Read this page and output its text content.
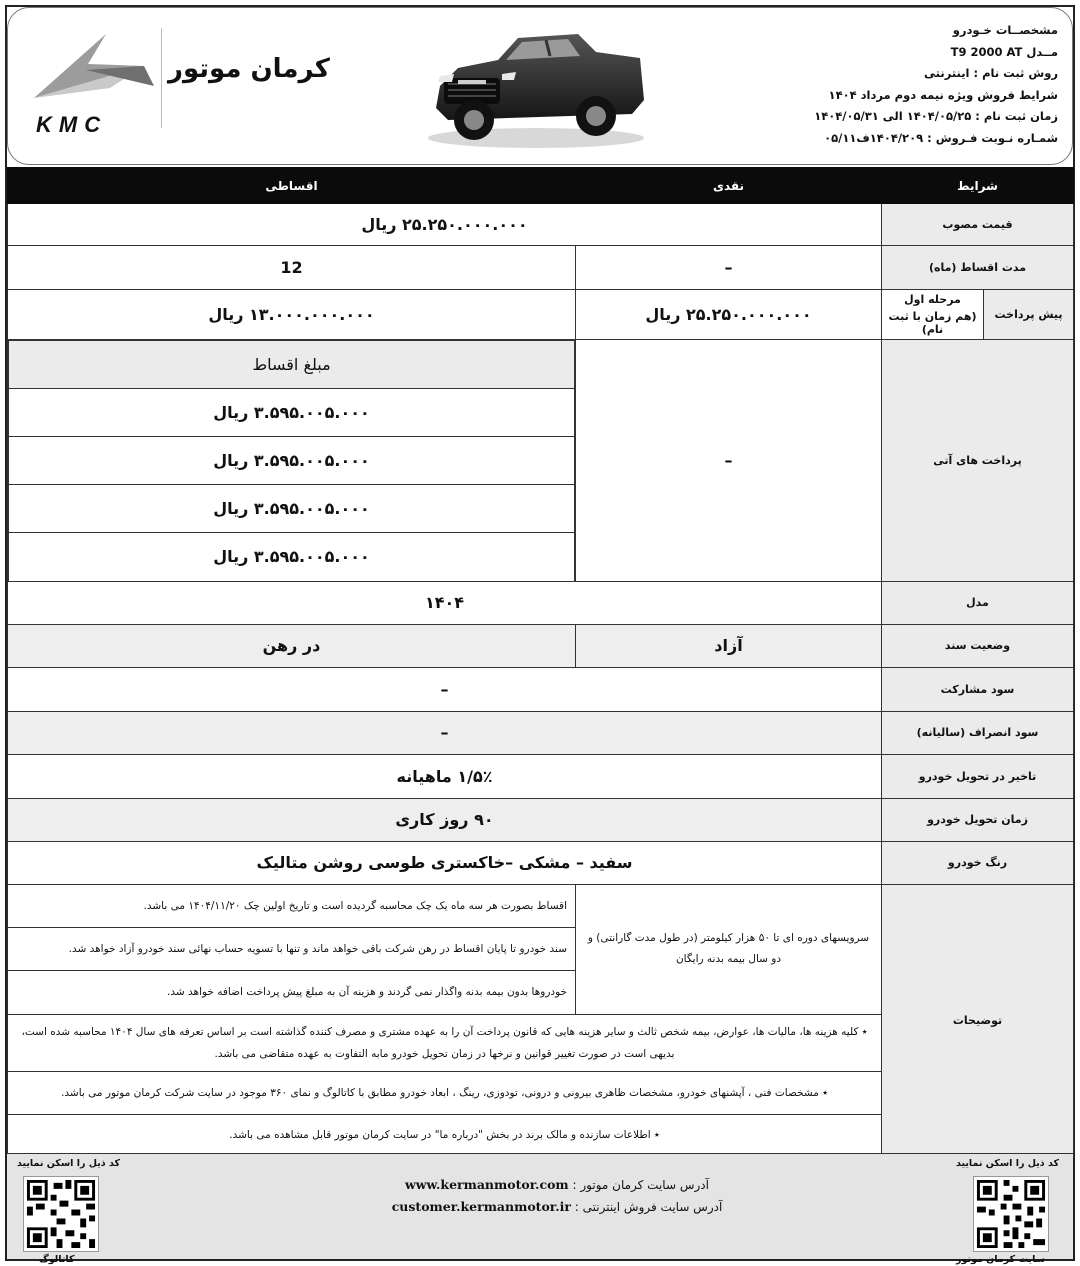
مشخصــات خـودرو
مــدل T9 2000 AT
روش ثبت نام : اینترنتی
شرایط فروش ویژه نیمه دوم مرداد ۱۴۰۴
زمان ثبت نام : ۱۴۰۴/۰۵/۲۵ الی ۱۴۰۴/۰۵/۳۱
شمـاره نـوبت فـروش : ۱۴۰۴/۲۰۹ف۰۵/۱۱
کرمان موتور
KMC
شرایط	نقدی	اقساطی
قیمت مصوب	۲۵.۲۵۰.۰۰۰.۰۰۰ ریال
مدت اقساط (ماه)	–	12
پیش پرداخت	
مرحله اول
(هم زمان با ثبت نام)
	۲۵.۲۵۰.۰۰۰.۰۰۰ ریال	۱۳.۰۰۰.۰۰۰.۰۰۰ ریال
پرداخت های آتی	–	
مبلغ اقساط
۳.۵۹۵.۰۰۵.۰۰۰ ریال
۳.۵۹۵.۰۰۵.۰۰۰ ریال
۳.۵۹۵.۰۰۵.۰۰۰ ریال
۳.۵۹۵.۰۰۵.۰۰۰ ریال

مدل	۱۴۰۴
وضعیت سند	آزاد	در رهن
سود مشارکت	–
سود انصراف (سالیانه)	–
تاخیر در تحویل خودرو	۱/۵٪ ماهیانه
زمان تحویل خودرو	۹۰ روز کاری
رنگ خودرو	سفید – مشکی –خاکستری طوسی روشن متالیک
توضیحات	سرویسهای دوره ای تا ۵۰ هزار کیلومتر (در طول مدت گارانتی) و دو سال بیمه بدنه رایگان	
اقساط بصورت هر سه ماه یک چک محاسبه گردیده است و تاریخ اولین چک ۱۴۰۴/۱۱/۲۰ می باشد.
سند خودرو تا پایان اقساط در رهن شرکت باقی خواهد ماند و تنها با تسویه حساب نهائی سند خودرو آزاد خواهد شد.
خودروها بدون بیمه بدنه واگذار نمی گردند و هزینه آن به مبلغ پیش پرداخت اضافه خواهد شد.

٭ کلیه هزینه ها، مالیات ها، عوارض، بیمه شخص ثالث و سایر هزینه هایی که قانون پرداخت آن را به عهده مشتری و مصرف کننده گذاشته است بر اساس تعرفه های سال ۱۴۰۴ محاسبه شده است، بدیهی است در صورت تغییر قوانین و نرخها در زمان تحویل خودرو مابه التفاوت به عهده متقاضی می باشد.
٭ مشخصات فنی ، آپشنهای خودرو، مشخصات ظاهری بیرونی و درونی، تودوزی، رینگ ، ابعاد خودرو مطابق با کاتالوگ و نمای ۳۶۰ موجود در سایت شرکت کرمان موتور می باشد.
٭ اطلاعات سازنده و مالک برند در بخش "درباره ما" در سایت کرمان موتور قابل مشاهده می باشد.
کد ذیل را اسکن نمایید
سایت کرمان موتور
آدرس سایت کرمان موتور : www.kermanmotor.com
آدرس سایت فروش اینترنتی : customer.kermanmotor.ir
کد ذیل را اسکن نمایید
کاتالوگ
